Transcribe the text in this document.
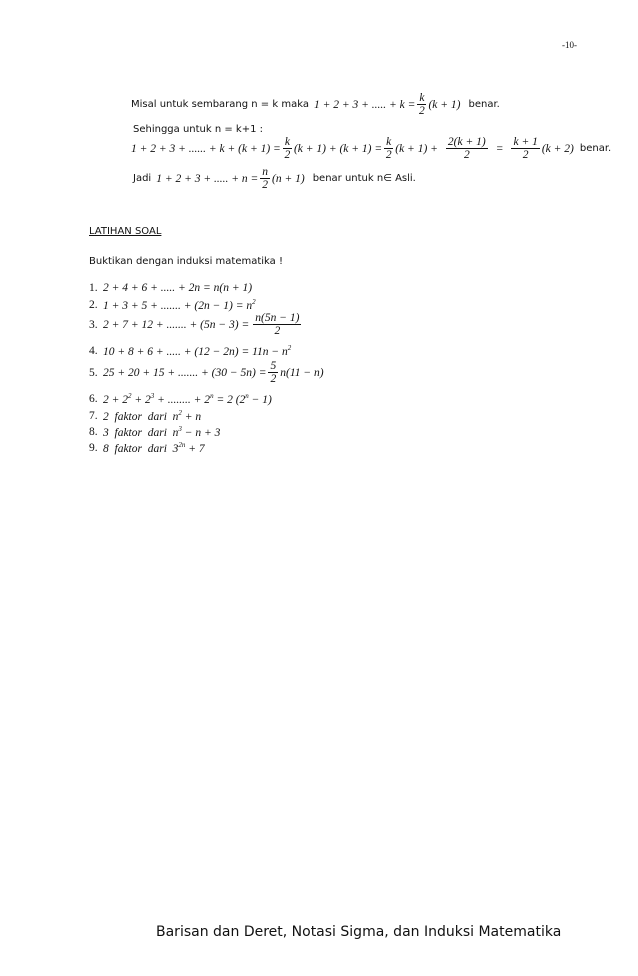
-10-
Misal untuk sembarang n = k maka 1 + 2 + 3 + ..... + $k = \frac{k}{2} (k + 1)$ benar.
Sehingga untuk n = k+1 :
1 + 2 + 3 + ...... + $k + (k + 1) = \frac{k}{2} (k + 1) + (k + 1) = \frac{k}{2} (k + 1) + \frac{2(k + 1)}{2} = \frac{k + 1}{2} (k + 2)$ benar.
Jadi 1 + 2 + 3 + ..... + $n = \frac{n}{2} (n + 1)$ benar untuk n∈ Asli.
LATIHAN SOAL
Buktikan dengan induksi matematika !
1. 2 + 4 + 6 + ..... + 2n = n(n + 1)
2. 1 + 3 + 5 + ....... + $(2n - 1) = n^2$
3. 2 + 7 + 12 + ....... + $(5n - 3) = \frac{n(5n - 1)}{2}$
4. 10 + 8 + 6 + ..... + $(12 - 2n) = 11n - n^2$
5. 25 + 20 + 15 + ....... + $(30 - 5n) = \frac{5}{2} n(11 - n)$
6. $2 + 2^2 + 2^3$ + ........ + $2^n = 2$ $(2^n - 1)$
7. 2  faktor  dari  $n^2 + n$
8. 3  faktor  dari  $n^3 - n + 3$
9. 8  faktor  dari  $3^{2n} + 7$
Barisan dan Deret, Notasi Sigma, dan Induksi Matematika
